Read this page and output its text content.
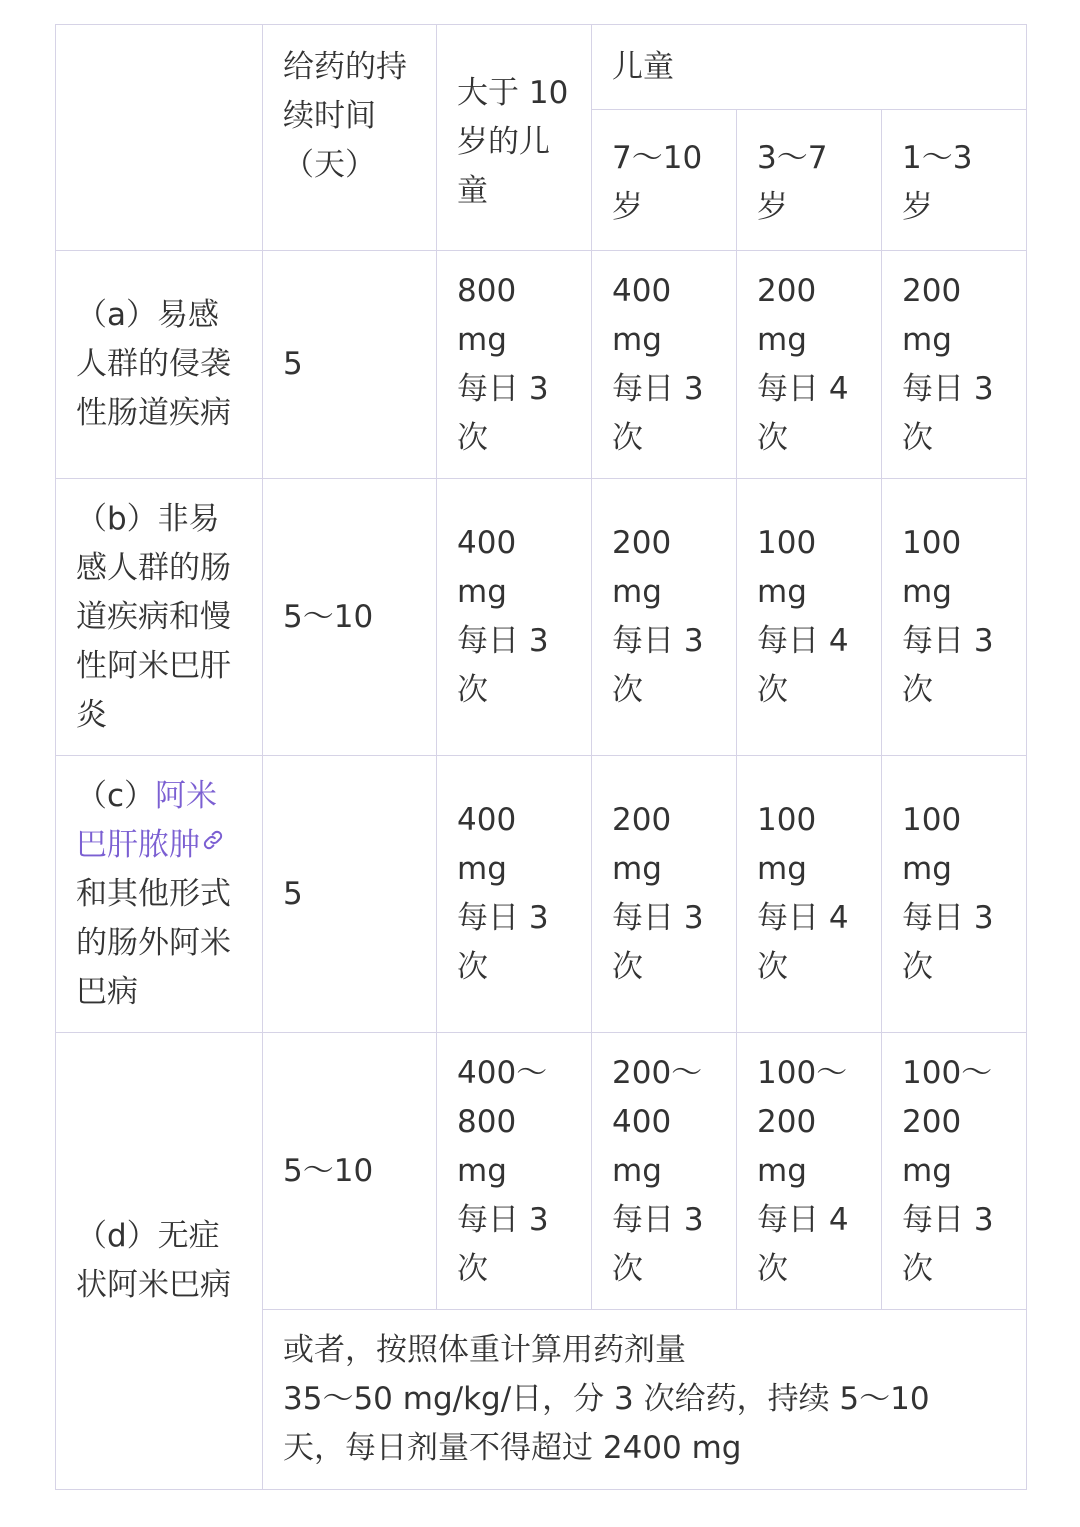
	给药的持续时间（天）	大于 10 岁的儿童	儿童		
			7～10 岁	3～7 岁	1～3 岁
（a）易感人群的侵袭性肠道疾病	5	800
mg
每日 3
次	400
mg
每日 3
次	200
mg
每日 4
次	200
mg
每日 3
次

（b）非易感人群的肠道疾病和慢性阿米巴肝炎	5～10	400
mg
每日 3
次	200
mg
每日 3
次	100
mg
每日 4
次	100
mg
每日 3
次

（c）阿米巴肝脓肿和其他形式的肠外阿米巴病	5	400
mg
每日 3
次	200
mg
每日 3
次	100
mg
每日 4
次	100
mg
每日 3
次

（d）无症状阿米巴病	5～10	400～
800
mg
每日 3
次	200～
400
mg
每日 3
次	100～
200
mg
每日 4
次	100～
200
mg
每日 3
次

	或者，按照体重计算用药剂量
35～50 mg/kg/日，分 3 次给药，持续 5～10
天，每日剂量不得超过 2400 mg				
